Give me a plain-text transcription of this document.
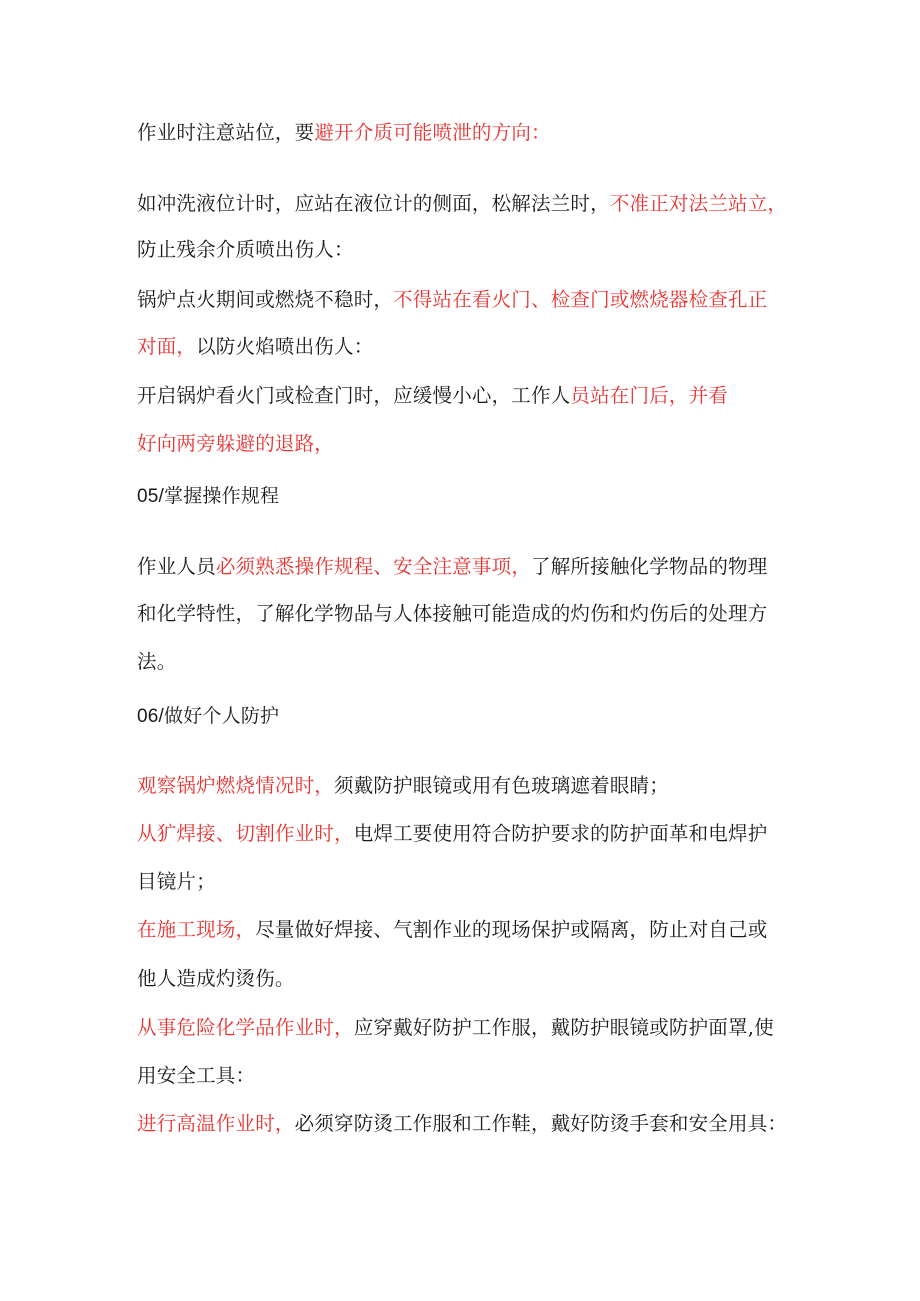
作业时注意站位，要避开介质可能喷泄的方向：
如冲洗液位计时，应站在液位计的侧面，松解法兰时，不准正对法兰站立，
防止残余介质喷出伤人：
锅炉点火期间或燃烧不稳时，不得站在看火门、检查门或燃烧器检查孔正
对面，以防火焰喷出伤人：
开启锅炉看火门或检查门时，应缓慢小心，工作人员站在门后，并看
好向两旁躲避的退路，
05/掌握操作规程
作业人员必须熟悉操作规程、安全注意事项，了解所接触化学物品的物理
和化学特性，了解化学物品与人体接触可能造成的灼伤和灼伤后的处理方
法。
06/做好个人防护
观察锅炉燃烧情况时，须戴防护眼镜或用有色玻璃遮着眼睛；
从犷焊接、切割作业时，电焊工要使用符合防护要求的防护面革和电焊护
目镜片；
在施工现场，尽量做好焊接、气割作业的现场保护或隔离，防止对自己或
他人造成灼烫伤。
从事危险化学品作业时，应穿戴好防护工作服，戴防护眼镜或防护面罩,使
用安全工具：
进行高温作业时，必须穿防烫工作服和工作鞋，戴好防烫手套和安全用具：
